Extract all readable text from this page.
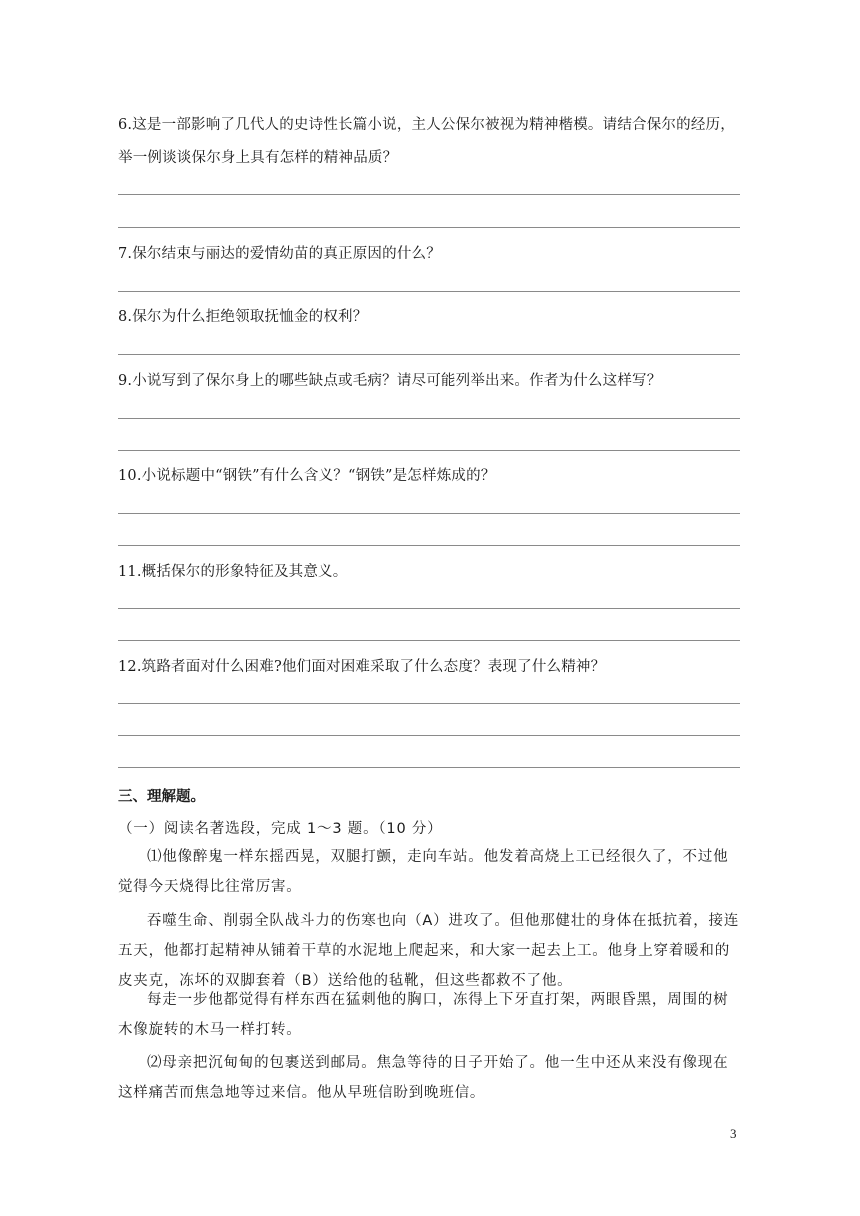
6.这是一部影响了几代人的史诗性长篇小说，主人公保尔被视为精神楷模。请结合保尔的经历，
举一例谈谈保尔身上具有怎样的精神品质？
7.保尔结束与丽达的爱情幼苗的真正原因的什么？
8.保尔为什么拒绝领取抚恤金的权利？
9.小说写到了保尔身上的哪些缺点或毛病？请尽可能列举出来。作者为什么这样写？
10.小说标题中“钢铁”有什么含义？“钢铁”是怎样炼成的？
11.概括保尔的形象特征及其意义。
12.筑路者面对什么困难?他们面对困难采取了什么态度？表现了什么精神？
三、理解题。
（一）阅读名著选段，完成 1～3 题。（10 分）
⑴他像醉鬼一样东摇西晃，双腿打颤，走向车站。他发着高烧上工已经很久了，不过他觉得今天烧得比往常厉害。
吞噬生命、削弱全队战斗力的伤寒也向（A）进攻了。但他那健壮的身体在抵抗着，接连五天，他都打起精神从铺着干草的水泥地上爬起来，和大家一起去上工。他身上穿着暖和的皮夹克，冻坏的双脚套着（B）送给他的毡靴，但这些都救不了他。
每走一步他都觉得有样东西在猛刺他的胸口，冻得上下牙直打架，两眼昏黑，周围的树木像旋转的木马一样打转。
⑵母亲把沉甸甸的包裹送到邮局。焦急等待的日子开始了。他一生中还从来没有像现在这样痛苦而焦急地等过来信。他从早班信盼到晚班信。
3
